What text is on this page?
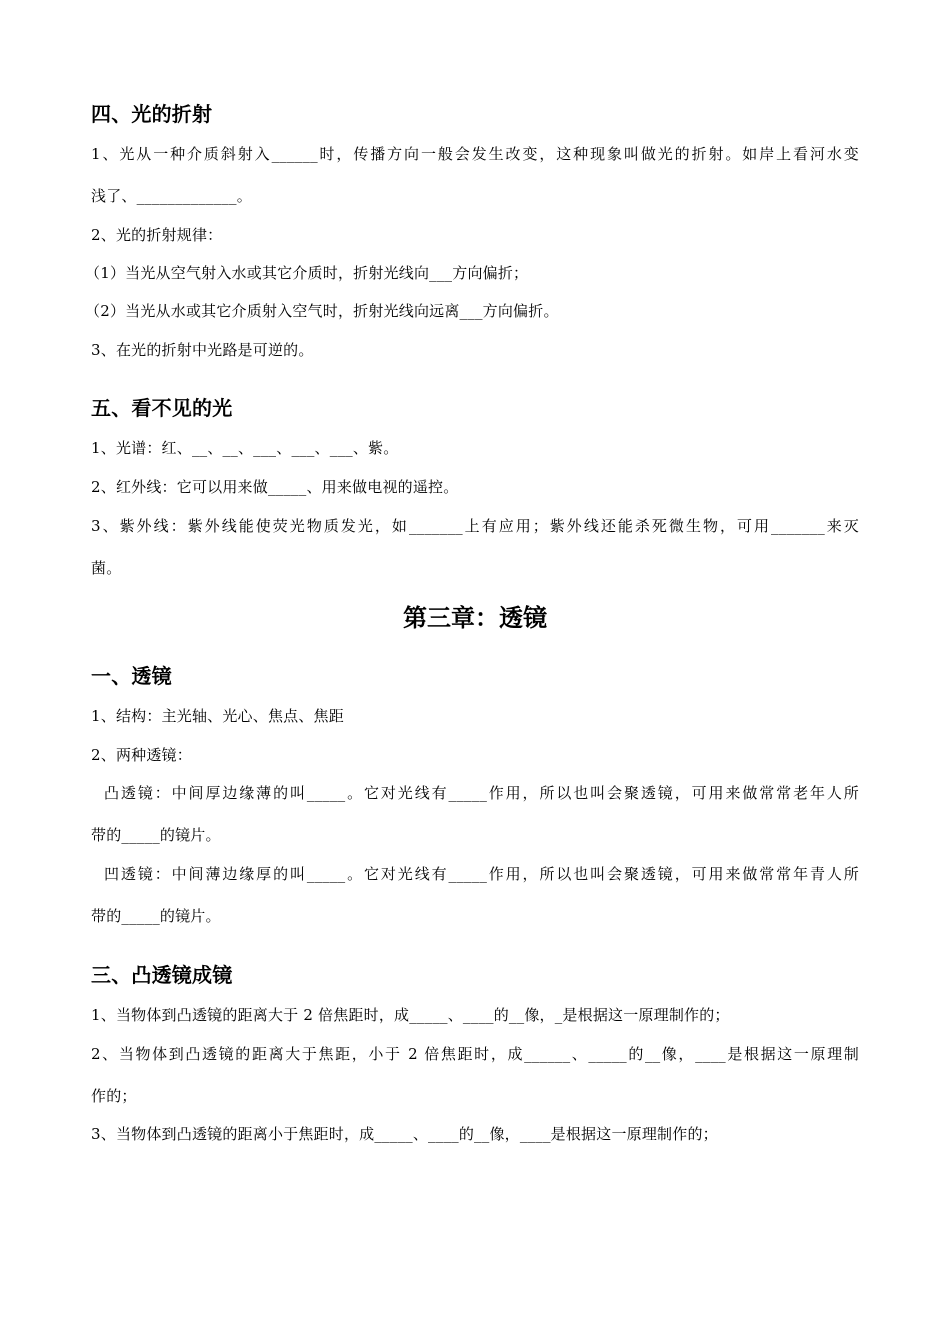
四、光的折射
1、光从一种介质斜射入______时，传播方向一般会发生改变，这种现象叫做光的折射。如岸上看河水变
浅了、_____________。
2、光的折射规律：
（1）当光从空气射入水或其它介质时，折射光线向___方向偏折；
（2）当光从水或其它介质射入空气时，折射光线向远离___方向偏折。
3、在光的折射中光路是可逆的。
五、看不见的光
1、光谱：红、__、__、___、___、___、紫。
2、红外线：它可以用来做_____、用来做电视的遥控。
3、紫外线：紫外线能使荧光物质发光，如_______上有应用；紫外线还能杀死微生物，可用_______来灭
菌。
第三章：透镜
一、透镜
1、结构：主光轴、光心、焦点、焦距
2、两种透镜：
凸透镜：中间厚边缘薄的叫_____。它对光线有_____作用，所以也叫会聚透镜，可用来做常常老年人所
带的_____的镜片。
凹透镜：中间薄边缘厚的叫_____。它对光线有_____作用，所以也叫会聚透镜，可用来做常常年青人所
带的_____的镜片。
三、凸透镜成镜
1、当物体到凸透镜的距离大于 2 倍焦距时，成_____、____的__像，_是根据这一原理制作的；
2、当物体到凸透镜的距离大于焦距，小于 2 倍焦距时，成______、_____的__像，____是根据这一原理制
作的；
3、当物体到凸透镜的距离小于焦距时，成_____、____的__像，____是根据这一原理制作的；
